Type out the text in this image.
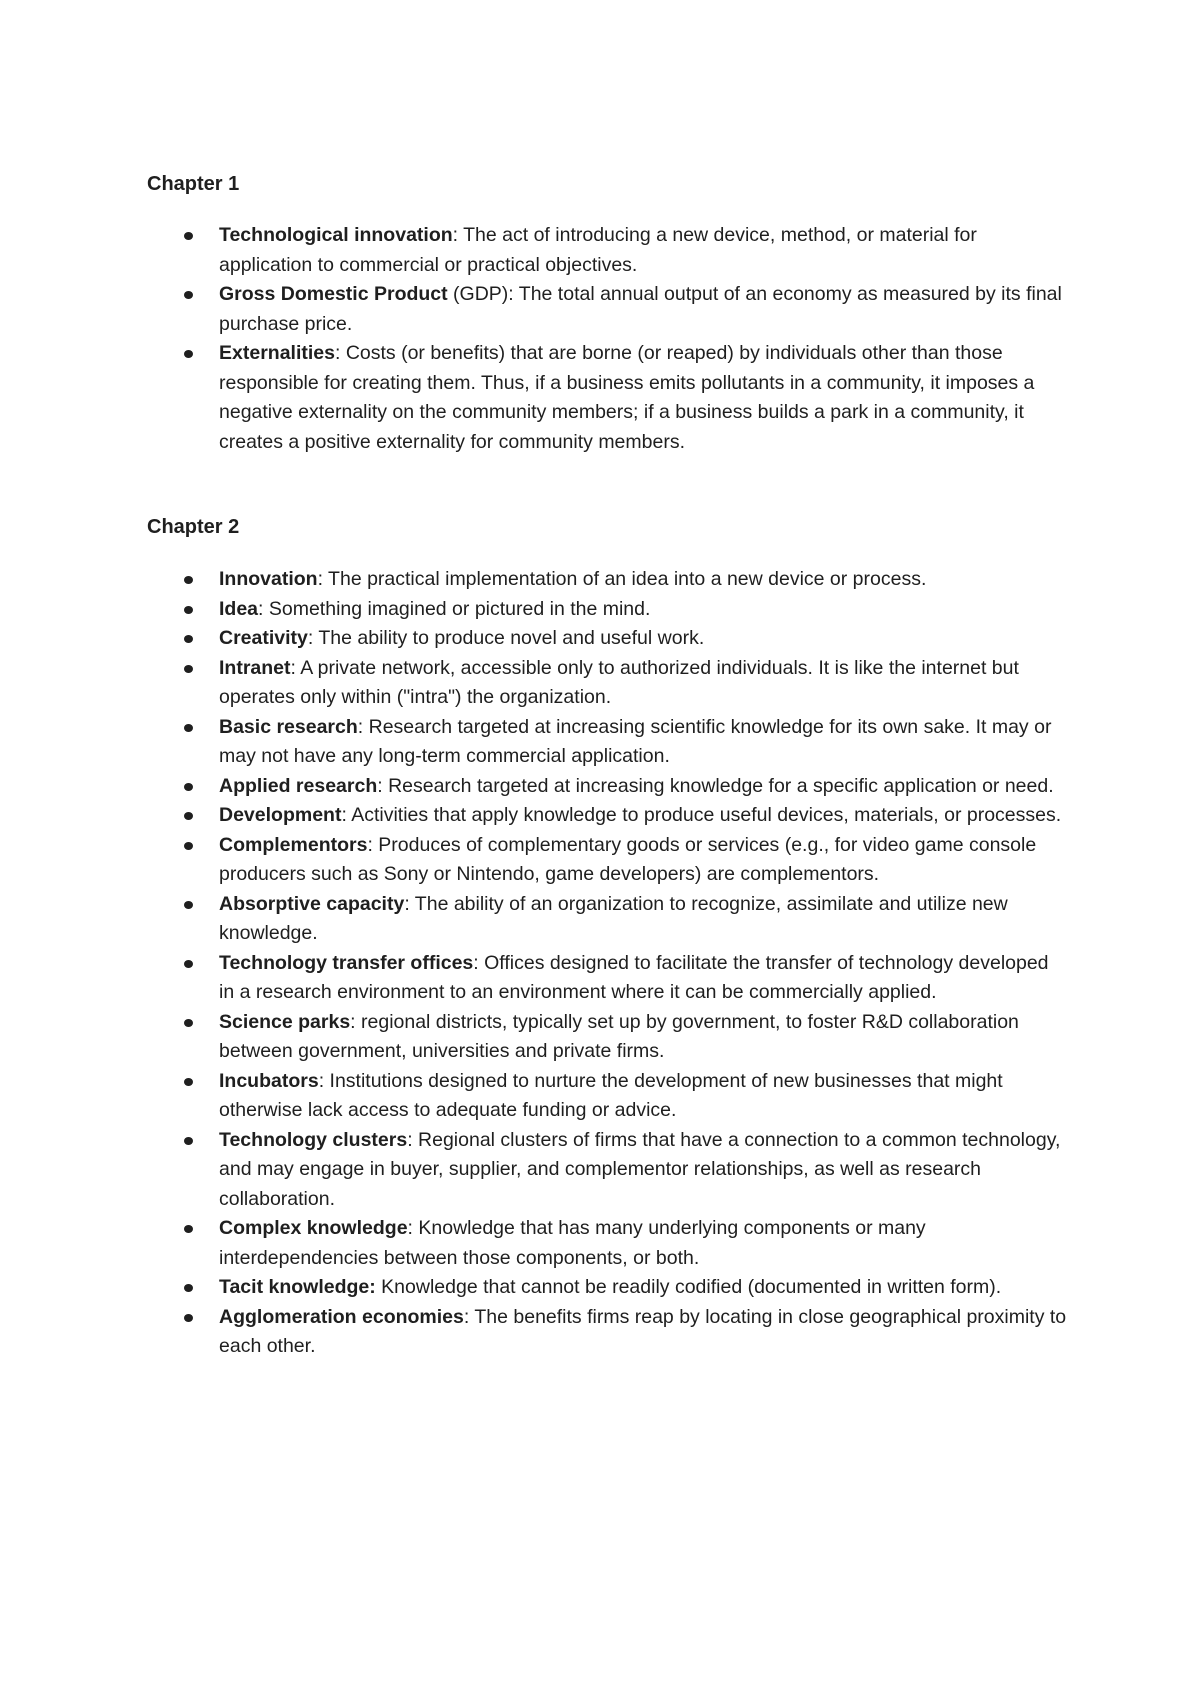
Chapter 1
Technological innovation: The act of introducing a new device, method, or material for application to commercial or practical objectives.
Gross Domestic Product (GDP): The total annual output of an economy as measured by its final purchase price.
Externalities: Costs (or benefits) that are borne (or reaped) by individuals other than those responsible for creating them. Thus, if a business emits pollutants in a community, it imposes a negative externality on the community members; if a business builds a park in a community, it creates a positive externality for community members.
Chapter 2
Innovation: The practical implementation of an idea into a new device or process.
Idea: Something imagined or pictured in the mind.
Creativity: The ability to produce novel and useful work.
Intranet: A private network, accessible only to authorized individuals. It is like the internet but operates only within ("intra") the organization.
Basic research: Research targeted at increasing scientific knowledge for its own sake. It may or may not have any long-term commercial application.
Applied research: Research targeted at increasing knowledge for a specific application or need.
Development: Activities that apply knowledge to produce useful devices, materials, or processes.
Complementors: Produces of complementary goods or services (e.g., for video game console producers such as Sony or Nintendo, game developers) are complementors.
Absorptive capacity: The ability of an organization to recognize, assimilate and utilize new knowledge.
Technology transfer offices: Offices designed to facilitate the transfer of technology developed in a research environment to an environment where it can be commercially applied.
Science parks: regional districts, typically set up by government, to foster R&D collaboration between government, universities and private firms.
Incubators: Institutions designed to nurture the development of new businesses that might otherwise lack access to adequate funding or advice.
Technology clusters: Regional clusters of firms that have a connection to a common technology, and may engage in buyer, supplier, and complementor relationships, as well as research collaboration.
Complex knowledge: Knowledge that has many underlying components or many interdependencies between those components, or both.
Tacit knowledge: Knowledge that cannot be readily codified (documented in written form).
Agglomeration economies: The benefits firms reap by locating in close geographical proximity to each other.
